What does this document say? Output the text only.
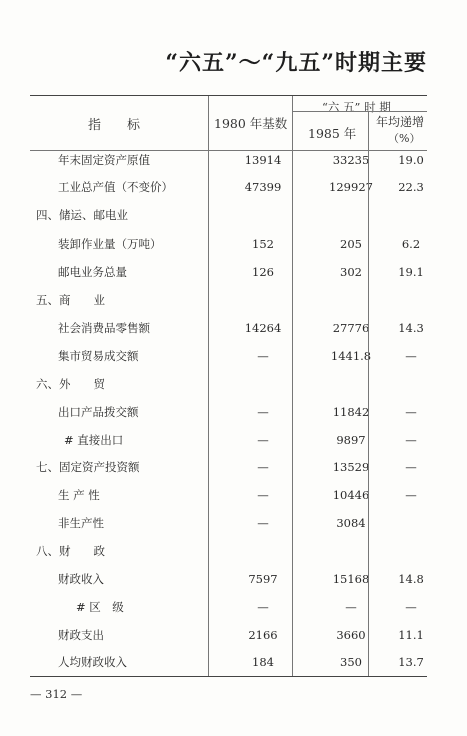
“六五”～“九五”时期主要
指　　标	1980 年基数
“六 五” 时 期
1985 年
年均递增
（%）
年末固定资产原值	13914	33235	19.0
工业总产值（不变价）	47399	129927	22.3
四、储运、邮电业
装卸作业量（万吨）	152	205	6.2
邮电业务总量	126	302	19.1
五、商　　业
社会消费品零售额	14264	27776	14.3
集市贸易成交额	—	1441.8	—
六、外　　贸
出口产品拨交额	—	11842	—
# 直接出口	—	9897	—
七、固定资产投资额	—	13529	—
生 产 性	—	10446	—
非生产性	—	3084
八、财　　政
财政收入	7597	15168	14.8
# 区　级	—	—	—
财政支出	2166	3660	11.1
人均财政收入	184	350	13.7
— 312 —
